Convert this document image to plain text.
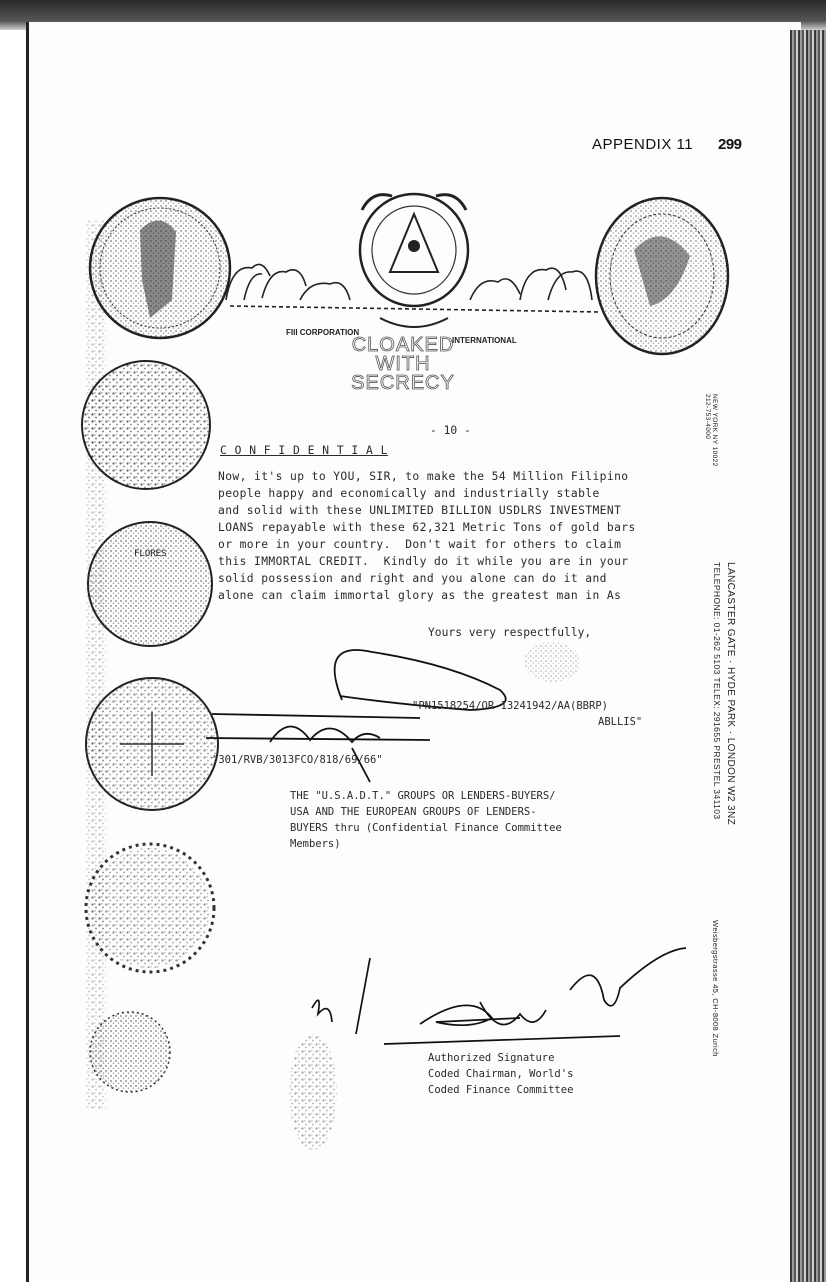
APPENDIX 11 299
FLORES
FIII CORPORATION
INTERNATIONAL
CLOAKED
WITH
SECRECY
NEW YORK NY 10022
212-753-4000
LANCASTER GATE · HYDE PARK · LONDON W2 3NZ
TELEPHONE: 01-262 5103 TELEX: 291655 PRESTEL 341103
Weisbergstrasse 45, CH-8008 Zurich
- 10 -
C O N F I D E N T I A L
Now, it's up to YOU, SIR, to make the 54 Million Filipino
people happy and economically and industrially stable
and solid with these UNLIMITED BILLION USDLRS INVESTMENT
LOANS repayable with these 62,321 Metric Tons of gold bars
or more in your country.  Don't wait for others to claim
this IMMORTAL CREDIT.  Kindly do it while you are in your
solid possession and right and you alone can do it and
alone can claim immortal glory as the greatest man in As
Yours very respectfully,
"PN1518254/OR 13241942/AA(BBRP)
ABLLIS"
"301/RVB/3013FCO/818/69/66"
THE "U.S.A.D.T." GROUPS OR LENDERS-BUYERS/
USA AND THE EUROPEAN GROUPS OF LENDERS-
BUYERS thru (Confidential Finance Committee
Members)
Authorized Signature
Coded Chairman, World's
Coded Finance Committee
